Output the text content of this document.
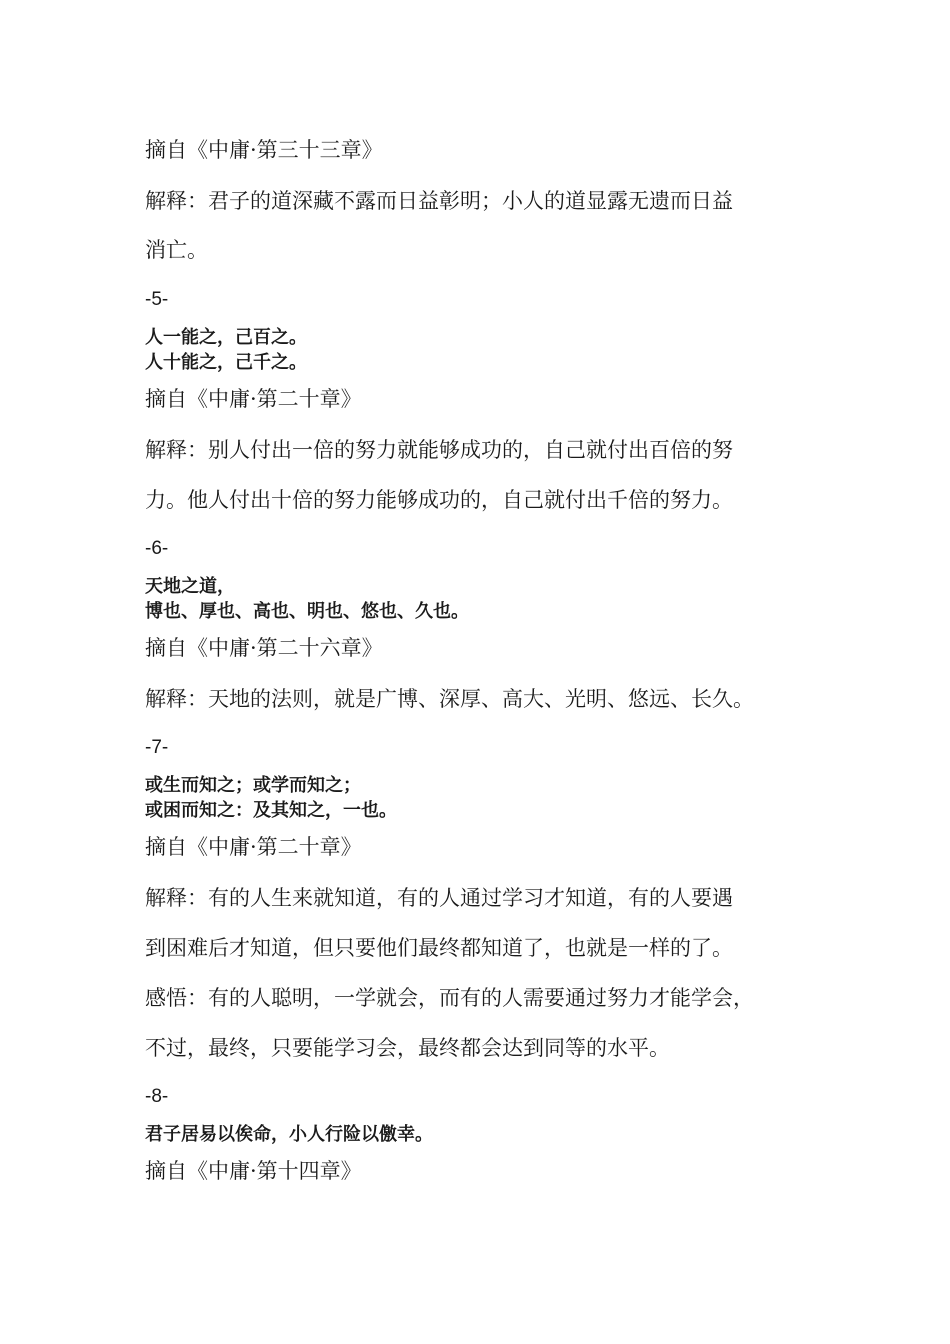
摘自《中庸·第三十三章》
解释：君子的道深藏不露而日益彰明；小人的道显露无遗而日益
消亡。
-5-
人一能之，己百之。
人十能之，己千之。
摘自《中庸·第二十章》
解释：别人付出一倍的努力就能够成功的，自己就付出百倍的努
力。他人付出十倍的努力能够成功的，自己就付出千倍的努力。
-6-
天地之道，
博也、厚也、高也、明也、悠也、久也。
摘自《中庸·第二十六章》
解释：天地的法则，就是广博、深厚、高大、光明、悠远、长久。
-7-
或生而知之；或学而知之；
或困而知之：及其知之，一也。
摘自《中庸·第二十章》
解释：有的人生来就知道，有的人通过学习才知道，有的人要遇
到困难后才知道，但只要他们最终都知道了，也就是一样的了。
感悟：有的人聪明，一学就会，而有的人需要通过努力才能学会，
不过，最终，只要能学习会，最终都会达到同等的水平。
-8-
君子居易以俟命，小人行险以儌幸。
摘自《中庸·第十四章》
